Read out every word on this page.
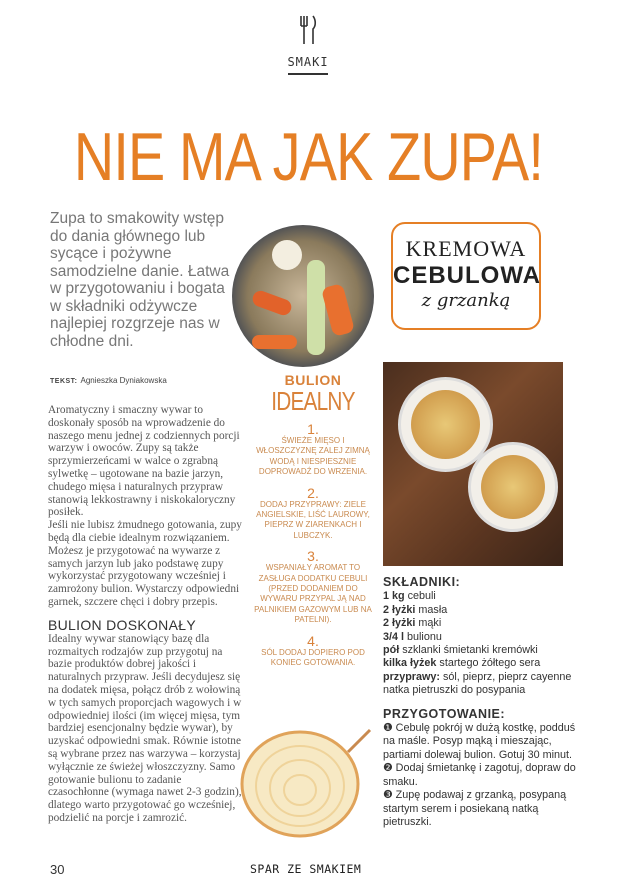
SMAKI
NIE MA JAK ZUPA!

Zupa to smakowity wstęp do dania głównego lub sycące i pożywne samodzielne danie. Łatwa w przygotowaniu i bogata w składniki odżywcze najlepiej rozgrzeje nas w chłodne dni.

TEKST: Agnieszka Dyniakowska
KREMOWA
CEBULOWA
z grzanką

Aromatyczny i smaczny wywar to doskonały sposób na wprowadzenie do naszego menu jednej z codziennych porcji warzyw i owoców. Zupy są także sprzymierzeńcami w walce o zgrabną sylwetkę – ugotowane na bazie jarzyn, chudego mięsa i naturalnych przypraw stanowią lekkostrawny i niskokaloryczny posiłek.
Jeśli nie lubisz żmudnego gotowania, zupy będą dla ciebie idealnym rozwiązaniem. Możesz je przygotować na wywarze z samych jarzyn lub jako podstawę zupy wykorzystać przygotowany wcześniej i zamrożony bulion. Wystarczy odpowiedni garnek, szczere chęci i dobry przepis.

BULION DOSKONAŁY

Idealny wywar stanowiący bazę dla rozmaitych rodzajów zup przygotuj na bazie produktów dobrej jakości i naturalnych przypraw. Jeśli decydujesz się na dodatek mięsa, połącz drób z wołowiną w tych samych proporcjach wagowych i w odpowiedniej ilości (im więcej mięsa, tym bardziej esencjonalny będzie wywar), by uzyskać odpowiedni smak. Równie istotne są wybrane przez nas warzywa – korzystaj wyłącznie ze świeżej włoszczyzny. Samo gotowanie bulionu to zadanie czasochłonne (wymaga nawet 2-3 godzin), dlatego warto przygotować go wcześniej, podzielić na porcje i zamrozić.

BULION
IDEALNY
1.
ŚWIEŻE MIĘSO I WŁOSZCZYZNĘ ZALEJ ZIMNĄ WODĄ I NIESPIESZNIE DOPROWADŹ DO WRZENIA.
2.
DODAJ PRZYPRAWY: ZIELE ANGIELSKIE, LIŚĆ LAUROWY, PIEPRZ W ZIARENKACH I LUBCZYK.
3.
WSPANIAŁY AROMAT TO ZASŁUGA DODATKU CEBULI (PRZED DODANIEM DO WYWARU PRZYPAL JĄ NAD PALNIKIEM GAZOWYM LUB NA PATELNI).
4.
SÓL DODAJ DOPIERO POD KONIEC GOTOWANIA.
SKŁADNIKI:
1 kg cebuli
2 łyżki masła
2 łyżki mąki
3/4 l bulionu
pół szklanki śmietanki kremówki
kilka łyżek startego żółtego sera
przyprawy: sól, pieprz, pieprz cayenne
natka pietruszki do posypania
PRZYGOTOWANIE:
❶ Cebulę pokrój w dużą kostkę, podduś na maśle. Posyp mąką i mieszając, partiami dolewaj bulion. Gotuj 30 minut.
❷ Dodaj śmietankę i zagotuj, dopraw do smaku.
❸ Zupę podawaj z grzanką, posypaną startym serem i posiekaną natką pietruszki.
30	SPAR ZE SMAKIEM
